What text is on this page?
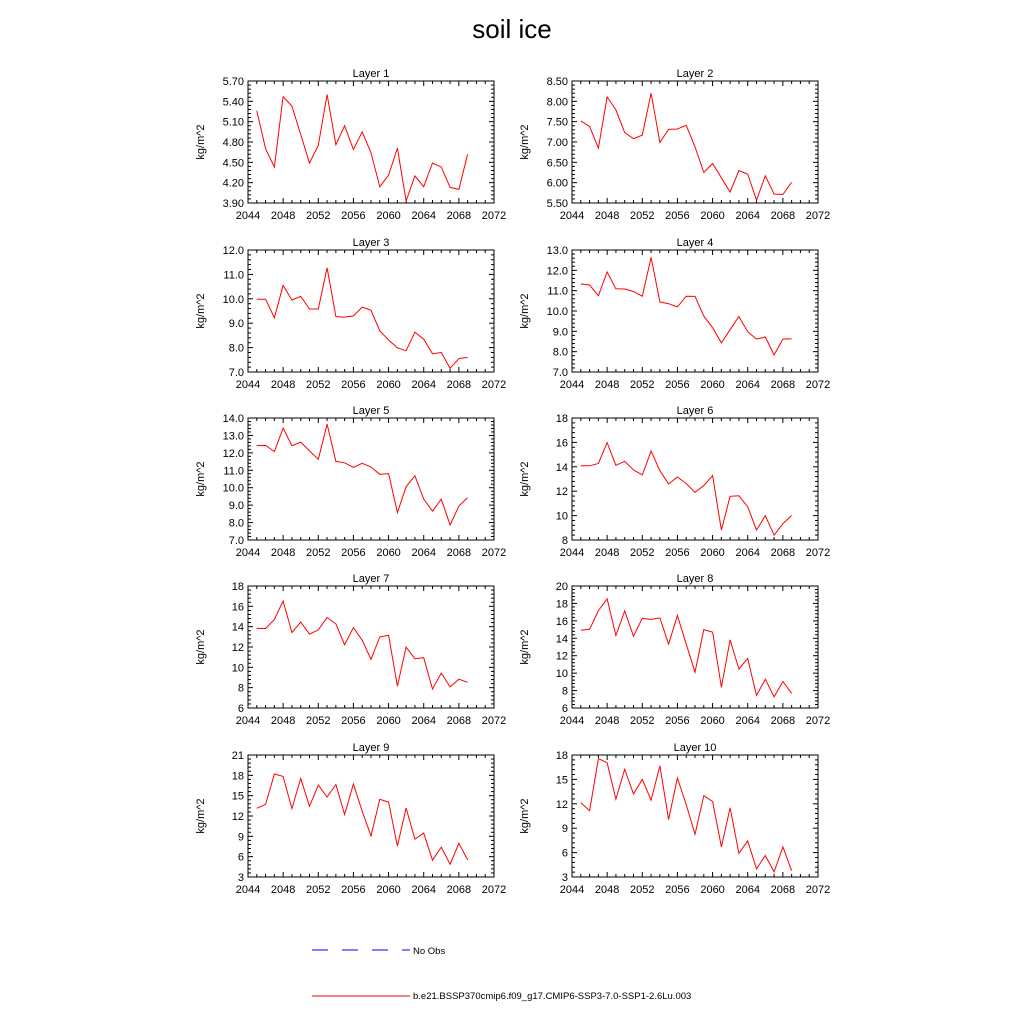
soil ice
Layer 1
kg/m^2
2044 2048 2052 2056 2060 2064 2068 2072
3.90
4.20
4.50
4.80
5.10
5.40
5.70
Layer 2
kg/m^2
2044 2048 2052 2056 2060 2064 2068 2072
5.50
6.00
6.50
7.00
7.50
8.00
8.50
Layer 3
kg/m^2
2044 2048 2052 2056 2060 2064 2068 2072
7.0
8.0
9.0
10.0
11.0
12.0
Layer 4
kg/m^2
2044 2048 2052 2056 2060 2064 2068 2072
7.0
8.0
9.0
10.0
11.0
12.0
13.0
Layer 5
kg/m^2
2044 2048 2052 2056 2060 2064 2068 2072
7.0
8.0
9.0
10.0
11.0
12.0
13.0
14.0
Layer 6
kg/m^2
2044 2048 2052 2056 2060 2064 2068 2072
8
10
12
14
16
18
Layer 7
kg/m^2
2044 2048 2052 2056 2060 2064 2068 2072
6
8
10
12
14
16
18
Layer 8
kg/m^2
2044 2048 2052 2056 2060 2064 2068 2072
6
8
10
12
14
16
18
20
Layer 9
kg/m^2
2044 2048 2052 2056 2060 2064 2068 2072
3
6
9
12
15
18
21
Layer 10
kg/m^2
2044 2048 2052 2056 2060 2064 2068 2072
3
6
9
12
15
18
No Obs
b.e21.BSSP370cmip6.f09_g17.CMIP6-SSP3-7.0-SSP1-2.6Lu.003
